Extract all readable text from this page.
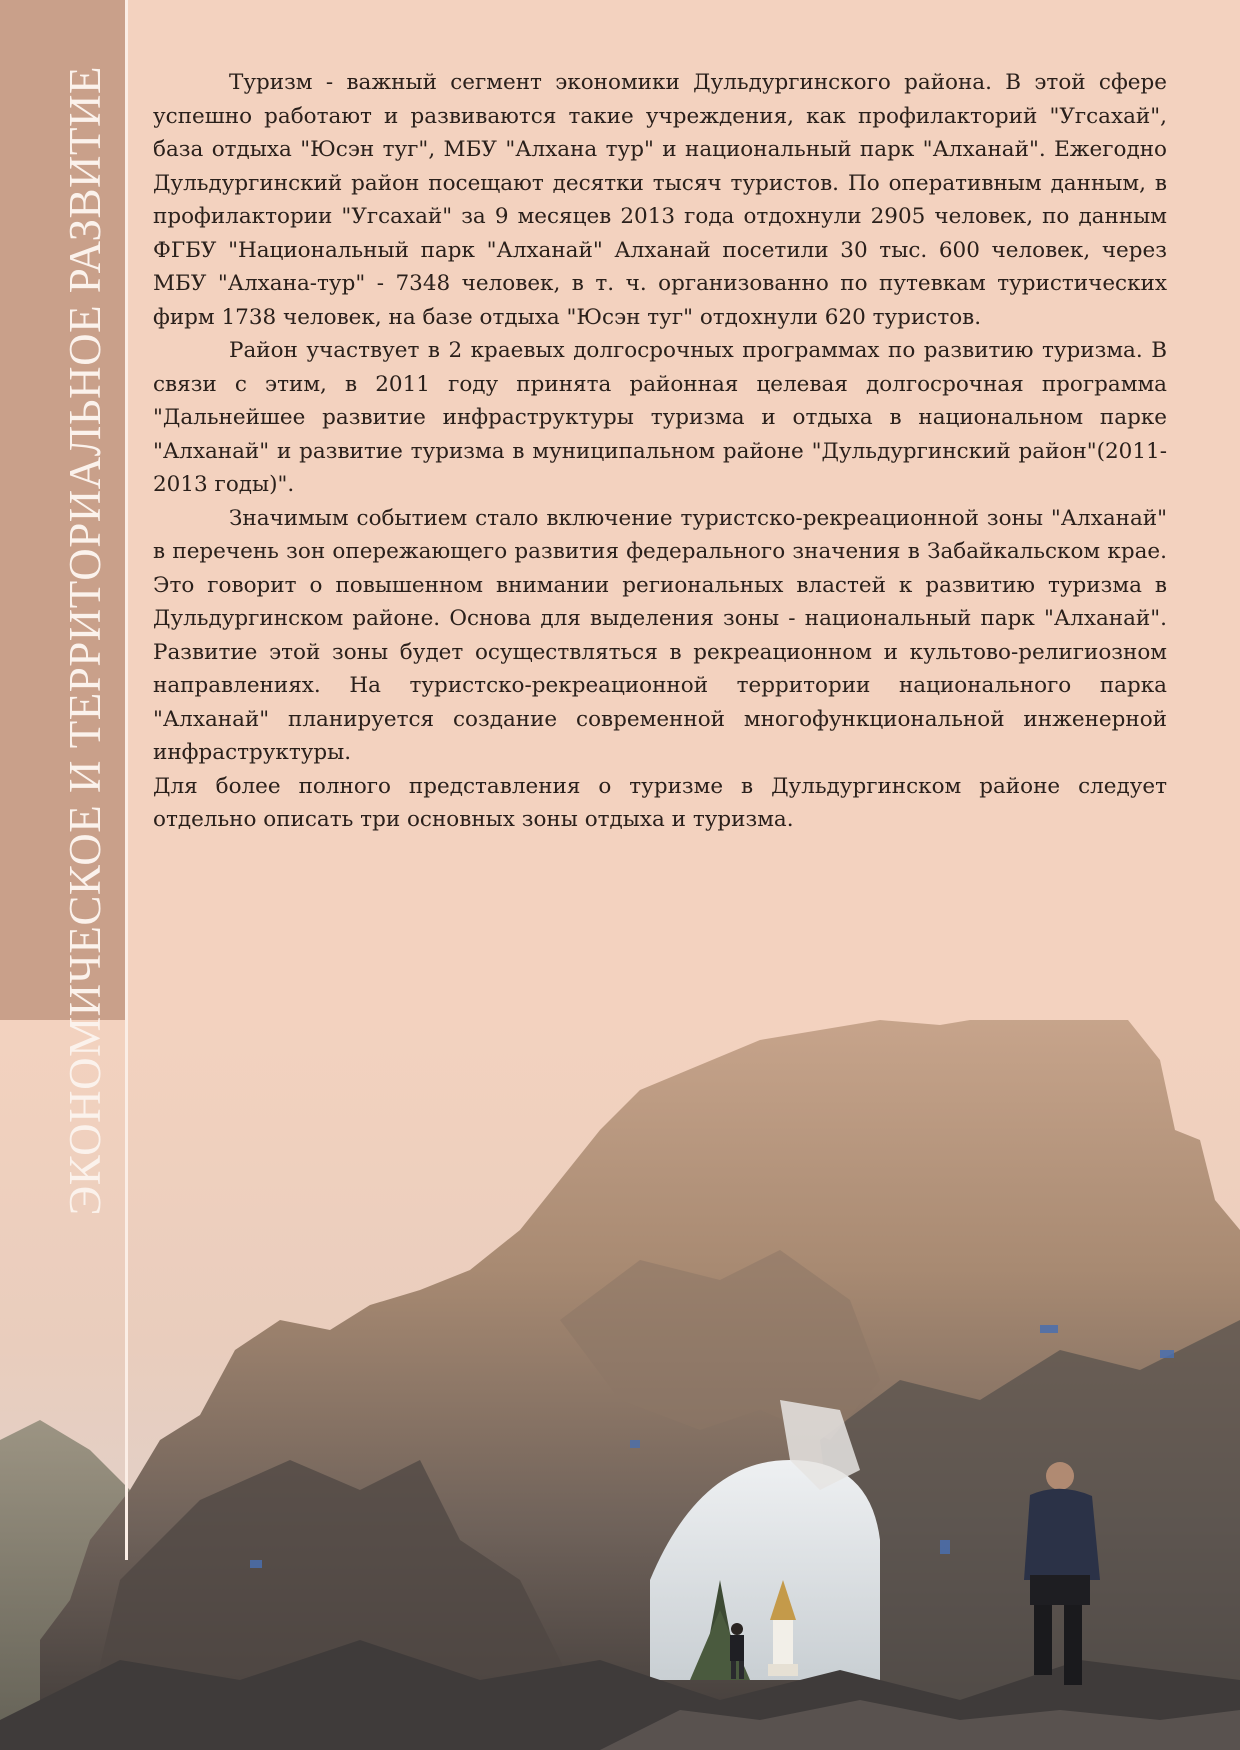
ЭКОНОМИЧЕСКОЕ И ТЕРРИТОРИАЛЬНОЕ РАЗВИТИЕ	Туризм - важный сегмент экономики Дульдургинского района. В этой сфере успешно работают и развиваются такие учреждения, как профилакторий "Угсахай", база отдыха "Юсэн туг", МБУ "Алхана тур" и национальный парк "Алханай". Ежегодно Дульдургинский район посещают десятки тысяч туристов. По оперативным данным, в профилактории "Угсахай" за 9 месяцев 2013 года отдохнули 2905 человек, по данным ФГБУ "Национальный парк "Алханай" Алханай посетили 30 тыс. 600 человек, через МБУ "Алхана-тур" - 7348 человек, в т. ч. организованно по путевкам туристических фирм 1738 человек, на базе отдыха "Юсэн туг" отдохнули 620 туристов.

Район участвует в 2 краевых долгосрочных программах по развитию туризма. В связи с этим, в 2011 году принята районная целевая долгосрочная программа "Дальнейшее развитие инфраструктуры туризма и отдыха в национальном парке "Алханай" и развитие туризма в муниципальном районе "Дульдургинский район"(2011-2013 годы)".

Значимым событием стало включение туристско-рекреационной зоны "Алханай" в перечень зон опережающего развития федерального значения в Забайкальском крае. Это говорит о повышенном внимании региональных властей к развитию туризма в Дульдургинском районе. Основа для выделения зоны - национальный парк "Алханай". Развитие этой зоны будет осуществляться в рекреационном и культово-религиозном направлениях. На туристско-рекреационной территории национального парка "Алханай" планируется создание современной многофункциональной инженерной инфраструктуры.

Для более полного представления о туризме в Дульдургинском районе следует отдельно описать три основных зоны отдыха и туризма.
